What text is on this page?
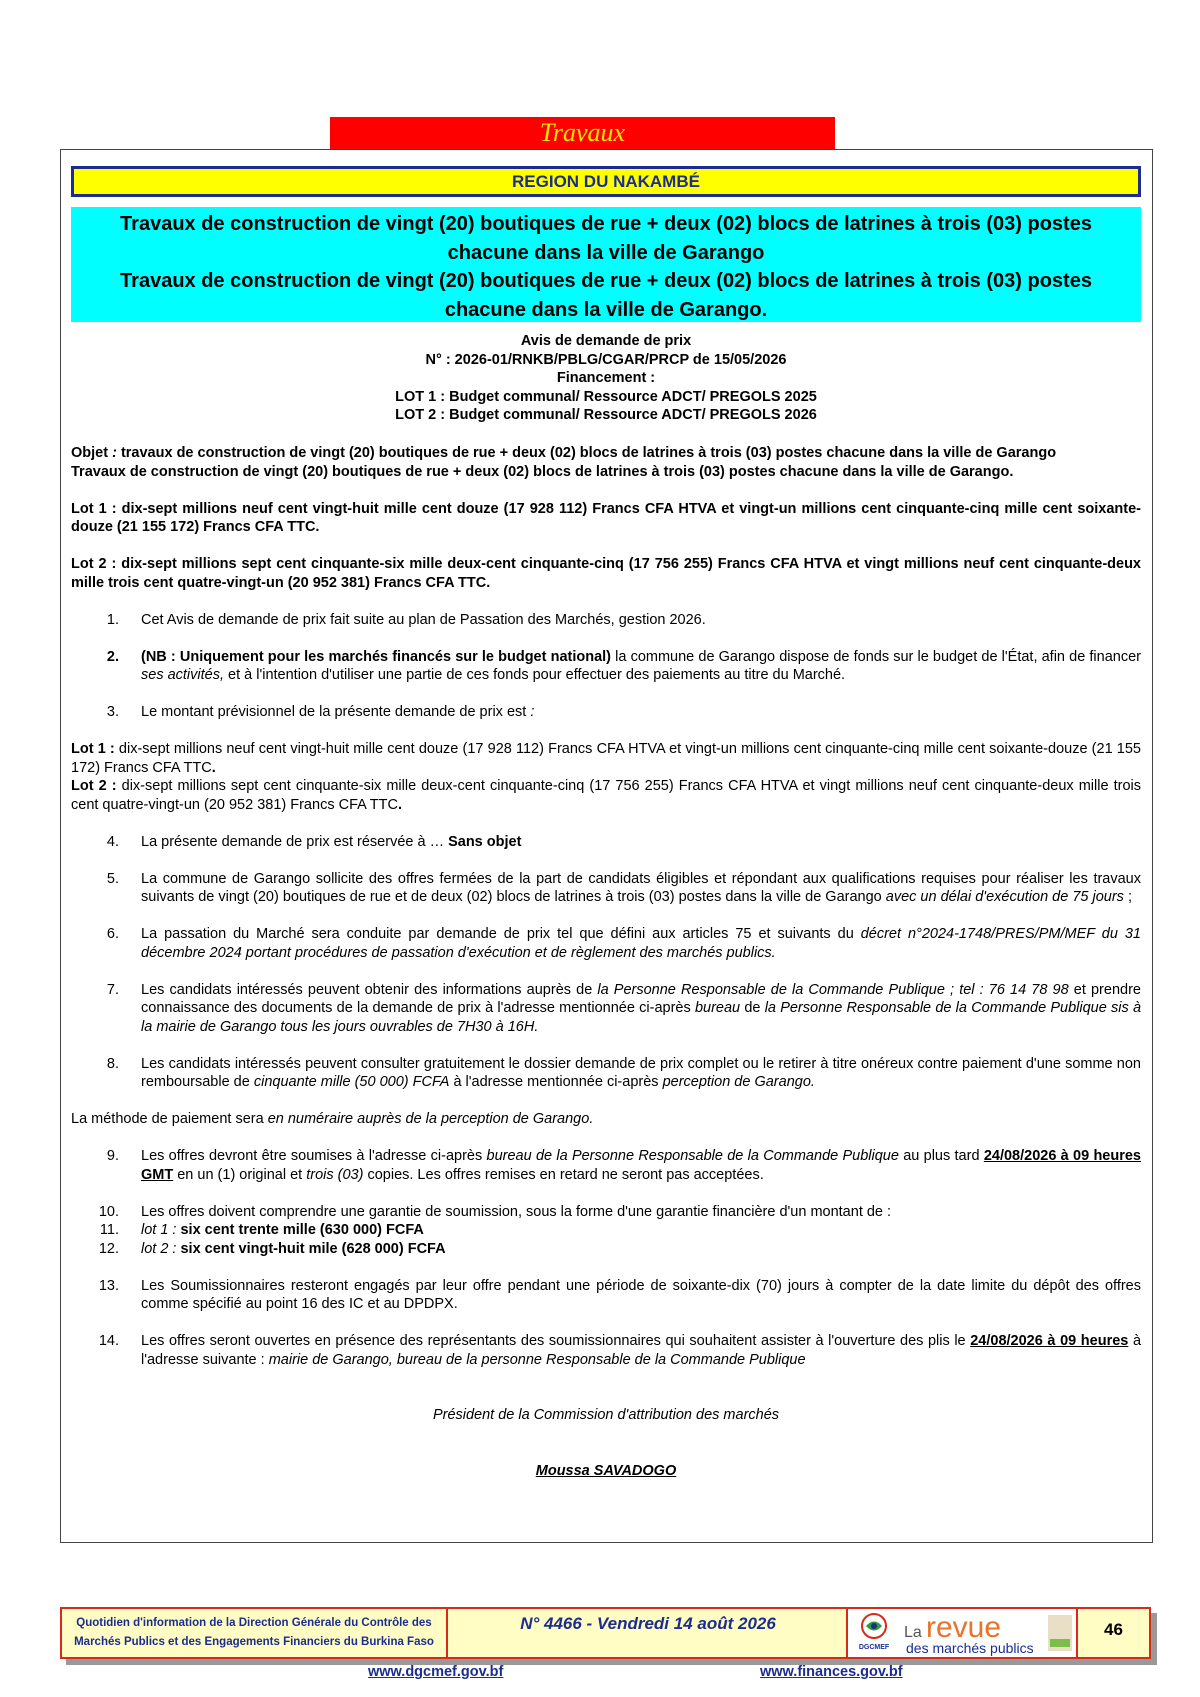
Travaux
REGION DU NAKAMBÉ
Travaux de construction de vingt (20) boutiques de rue + deux (02) blocs de latrines à trois (03) postes chacune dans la ville de Garango
Travaux de construction de vingt (20) boutiques de rue + deux (02) blocs de latrines à trois (03) postes chacune dans la ville de Garango.
Avis de demande de prix
N° : 2026-01/RNKB/PBLG/CGAR/PRCP de 15/05/2026
Financement :
LOT 1 : Budget communal/ Ressource ADCT/ PREGOLS 2025
LOT 2 : Budget communal/ Ressource ADCT/ PREGOLS 2026

Objet : travaux de construction de vingt (20) boutiques de rue + deux (02) blocs de latrines à trois (03) postes chacune dans la ville de Garango

Travaux de construction de vingt (20) boutiques de rue + deux (02) blocs de latrines à trois (03) postes chacune dans la ville de Garango.

Lot 1 : dix-sept millions neuf cent vingt-huit mille cent douze (17 928 112) Francs CFA HTVA et vingt-un millions cent cinquante-cinq mille cent soixante-douze (21 155 172) Francs CFA TTC.

Lot 2 : dix-sept millions sept cent cinquante-six mille deux-cent cinquante-cinq (17 756 255) Francs CFA HTVA et vingt millions neuf cent cinquante-deux mille trois cent quatre-vingt-un (20 952 381) Francs CFA TTC.

1.	Cet Avis de demande de prix fait suite au plan de Passation des Marchés, gestion 2026.
2.	(NB : Uniquement pour les marchés financés sur le budget national) la commune de Garango dispose de fonds sur le budget de l'État, afin de financer ses activités, et à l'intention d'utiliser une partie de ces fonds pour effectuer des paiements au titre du Marché.
3.	Le montant prévisionnel de la présente demande de prix est :

Lot 1 : dix-sept millions neuf cent vingt-huit mille cent douze (17 928 112) Francs CFA HTVA et vingt-un millions cent cinquante-cinq mille cent soixante-douze (21 155 172) Francs CFA TTC.

Lot 2 : dix-sept millions sept cent cinquante-six mille deux-cent cinquante-cinq (17 756 255) Francs CFA HTVA et vingt millions neuf cent cinquante-deux mille trois cent quatre-vingt-un (20 952 381) Francs CFA TTC.

4.	La présente demande de prix est réservée à … Sans objet
5.	La commune de Garango sollicite des offres fermées de la part de candidats éligibles et répondant aux qualifications requises pour réaliser les travaux suivants de vingt (20) boutiques de rue et de deux (02) blocs de latrines à trois (03) postes dans la ville de Garango avec un délai d'exécution de 75 jours ;
6.	La passation du Marché sera conduite par demande de prix tel que défini aux articles 75 et suivants du décret n°2024-1748/PRES/PM/MEF du 31 décembre 2024 portant procédures de passation d'exécution et de règlement des marchés publics.
7.	Les candidats intéressés peuvent obtenir des informations auprès de la Personne Responsable de la Commande Publique ; tel : 76 14 78 98 et prendre connaissance des documents de la demande de prix à l'adresse mentionnée ci-après bureau de la Personne Responsable de la Commande Publique sis à la mairie de Garango tous les jours ouvrables de 7H30 à 16H.
8.	Les candidats intéressés peuvent consulter gratuitement le dossier demande de prix complet ou le retirer à titre onéreux contre paiement d'une somme non remboursable de cinquante mille (50 000) FCFA à l'adresse mentionnée ci-après perception de Garango.

La méthode de paiement sera en numéraire auprès de la perception de Garango.

9.	Les offres devront être soumises à l'adresse ci-après bureau de la Personne Responsable de la Commande Publique au plus tard 24/08/2026 à 09 heures GMT en un (1) original et trois (03) copies. Les offres remises en retard ne seront pas acceptées.
10.	Les offres doivent comprendre une garantie de soumission, sous la forme d'une garantie financière d'un montant de :
11.	lot 1 : six cent trente mille (630 000) FCFA
12.	lot 2 : six cent vingt-huit mile (628 000) FCFA
13.	Les Soumissionnaires resteront engagés par leur offre pendant une période de soixante-dix (70) jours à compter de la date limite du dépôt des offres comme spécifié au point 16 des IC et au DPDPX.
14.	Les offres seront ouvertes en présence des représentants des soumissionnaires qui souhaitent assister à l'ouverture des plis le 24/08/2026 à 09 heures à l'adresse suivante : mairie de Garango, bureau de la personne Responsable de la Commande Publique

Président de la Commission d'attribution des marchés

Moussa SAVADOGO

Quotidien d'information de la Direction Générale du Contrôle des
Marchés Publics et des Engagements Financiers du Burkina Faso
N° 4466 - Vendredi 14 août 2026
DGCMEF
La revue
des marchés publics
46
www.dgcmef.gov.bf	www.finances.gov.bf
